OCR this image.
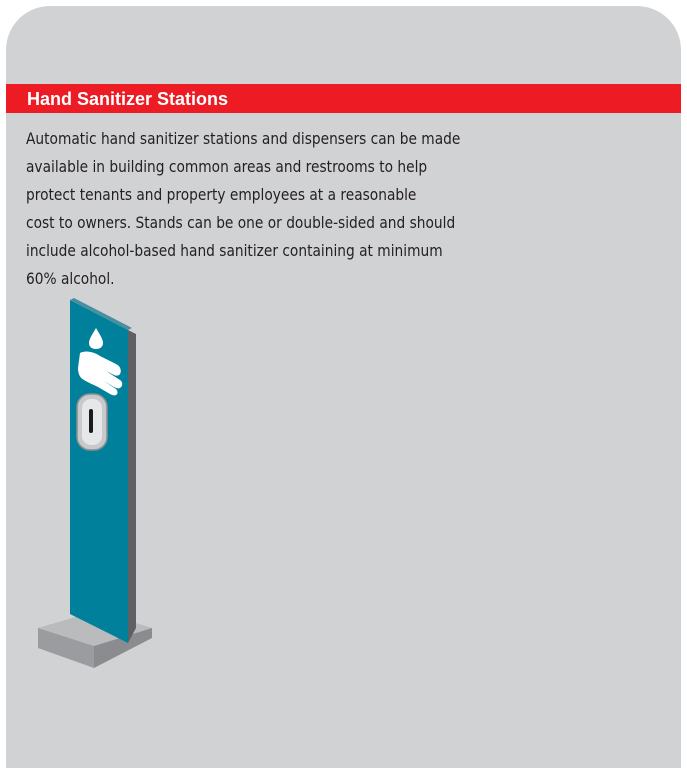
Hand Sanitizer Stations

Automatic hand sanitizer stations and dispensers can be made
available in building common areas and restrooms to help
protect tenants and property employees at a reasonable
cost to owners. Stands can be one or double-sided and should
include alcohol-based hand sanitizer containing at minimum
60% alcohol.
